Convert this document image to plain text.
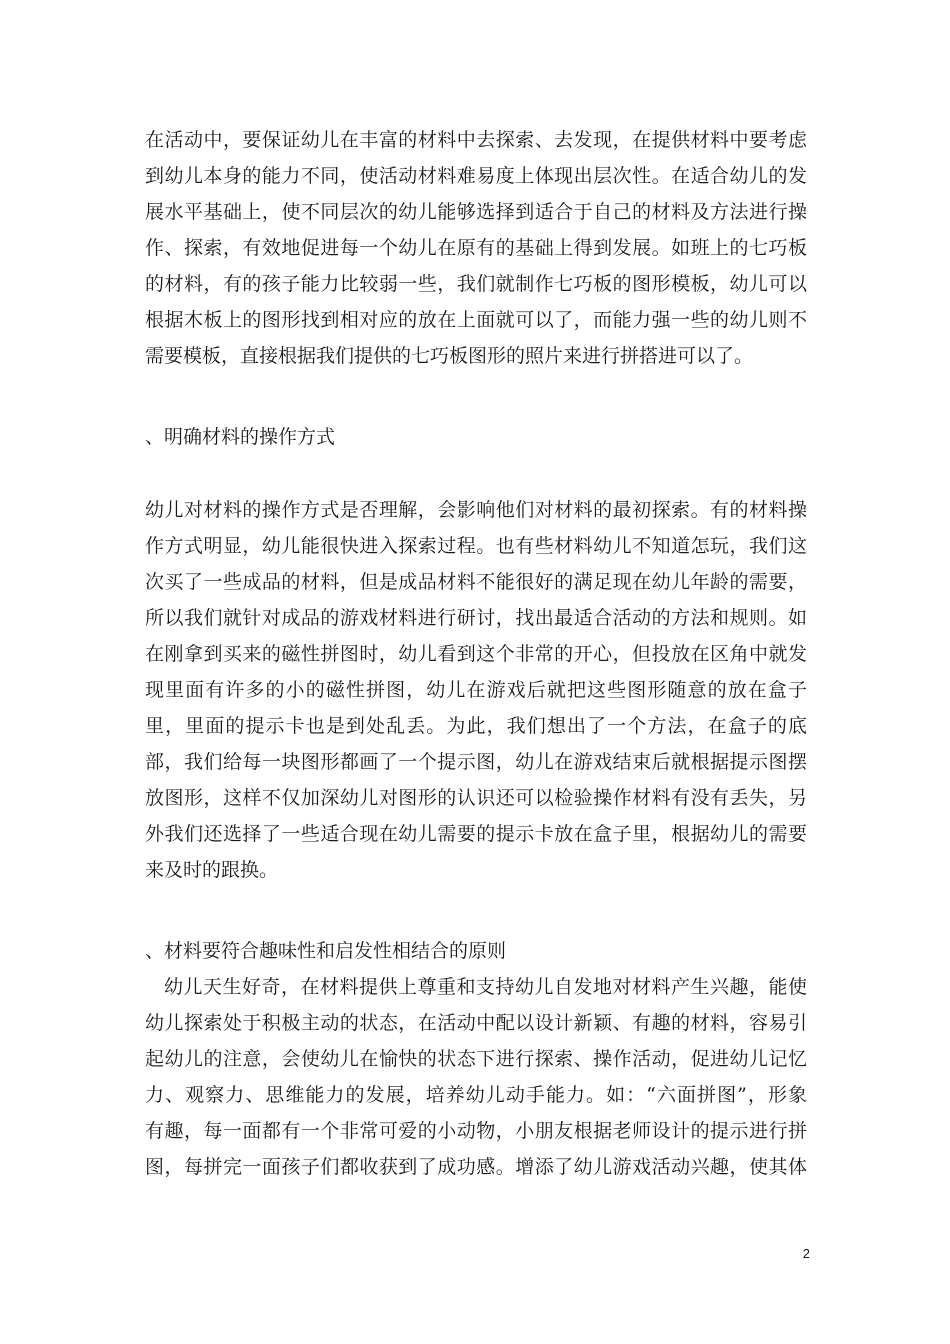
在活动中，要保证幼儿在丰富的材料中去探索、去发现，在提供材料中要考虑
到幼儿本身的能力不同，使活动材料难易度上体现出层次性。在适合幼儿的发
展水平基础上，使不同层次的幼儿能够选择到适合于自己的材料及方法进行操
作、探索，有效地促进每一个幼儿在原有的基础上得到发展。如班上的七巧板
的材料，有的孩子能力比较弱一些，我们就制作七巧板的图形模板，幼儿可以
根据木板上的图形找到相对应的放在上面就可以了，而能力强一些的幼儿则不
需要模板，直接根据我们提供的七巧板图形的照片来进行拼搭进可以了。
、明确材料的操作方式
幼儿对材料的操作方式是否理解，会影响他们对材料的最初探索。有的材料操
作方式明显，幼儿能很快进入探索过程。也有些材料幼儿不知道怎玩，我们这
次买了一些成品的材料，但是成品材料不能很好的满足现在幼儿年龄的需要，
所以我们就针对成品的游戏材料进行研讨，找出最适合活动的方法和规则。如
在刚拿到买来的磁性拼图时，幼儿看到这个非常的开心，但投放在区角中就发
现里面有许多的小的磁性拼图，幼儿在游戏后就把这些图形随意的放在盒子
里，里面的提示卡也是到处乱丢。为此，我们想出了一个方法，在盒子的底
部，我们给每一块图形都画了一个提示图，幼儿在游戏结束后就根据提示图摆
放图形，这样不仅加深幼儿对图形的认识还可以检验操作材料有没有丢失，另
外我们还选择了一些适合现在幼儿需要的提示卡放在盒子里，根据幼儿的需要
来及时的跟换。
、材料要符合趣味性和启发性相结合的原则
幼儿天生好奇，在材料提供上尊重和支持幼儿自发地对材料产生兴趣，能使
幼儿探索处于积极主动的状态，在活动中配以设计新颖、有趣的材料，容易引
起幼儿的注意，会使幼儿在愉快的状态下进行探索、操作活动，促进幼儿记忆
力、观察力、思维能力的发展，培养幼儿动手能力。如：“六面拼图”，形象
有趣，每一面都有一个非常可爱的小动物，小朋友根据老师设计的提示进行拼
图，每拼完一面孩子们都收获到了成功感。增添了幼儿游戏活动兴趣，使其体
2
